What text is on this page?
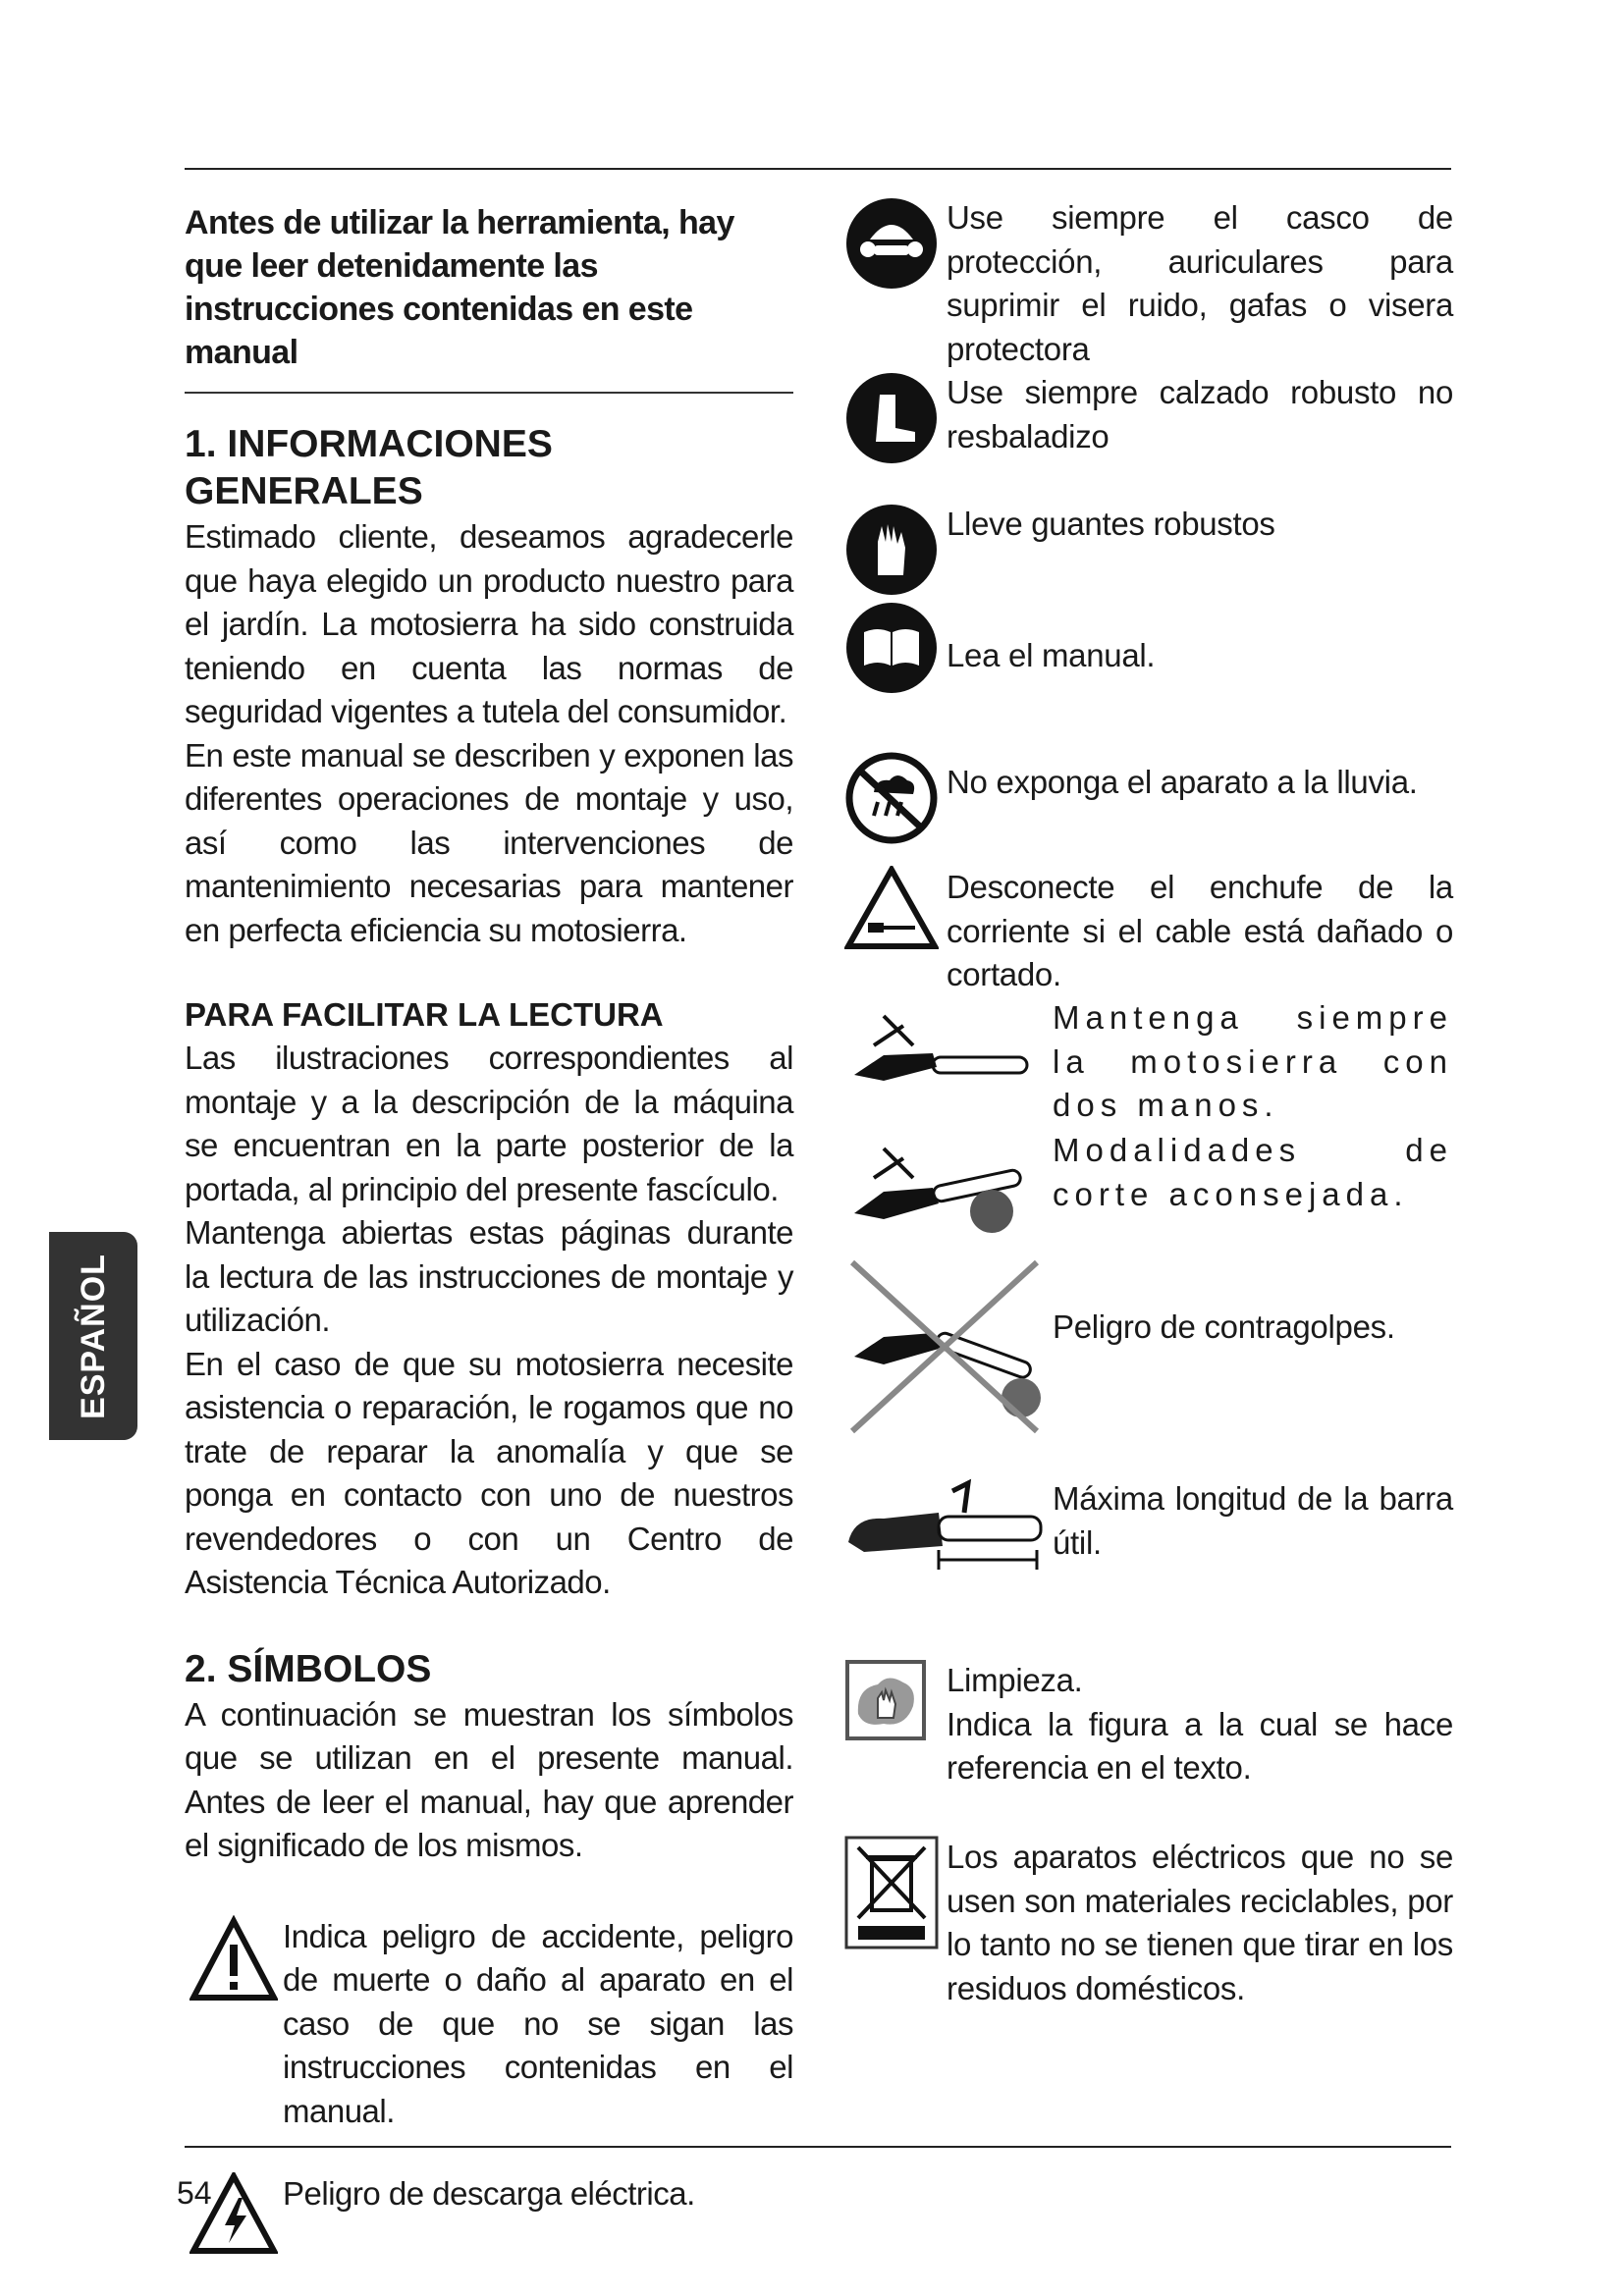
Antes de utilizar la herramienta, hay que leer detenidamente las instrucciones contenidas en este manual
1. INFORMACIONES GENERALES

Estimado cliente, deseamos agradecerle que haya elegido un producto nuestro para el jardín. La motosierra ha sido construida teniendo en cuenta las normas de seguridad vigentes a tutela del consumidor.

En este manual se describen y exponen las diferentes operaciones de montaje y uso, así como las intervenciones de mantenimiento necesarias para mantener en perfecta eficiencia su motosierra.

PARA FACILITAR LA LECTURA

Las ilustraciones correspondientes al montaje y a la descripción de la máquina se encuentran en la parte posterior de la portada, al principio del presente fascículo.

Mantenga abiertas estas páginas durante la lectura de las instrucciones de montaje y utilización.

En el caso de que su motosierra necesite asistencia o reparación, le rogamos que no trate de reparar la anomalía y que se ponga en contacto con uno de nuestros revendedores o con un Centro de Asistencia Técnica Autorizado.

2. SÍMBOLOS

A continuación se muestran los símbolos que se utilizan en el presente manual. Antes de leer el manual, hay que aprender el significado de los mismos.

Indica peligro de accidente, peligro de muerte o daño al aparato en el caso de que no se sigan las instrucciones contenidas en el manual.
Peligro de descarga eléctrica.
Use siempre el casco de protección, auriculares para suprimir el ruido, gafas o visera protectora
Use siempre calzado robusto no resbaladizo
Lleve guantes robustos
Lea el manual.
No exponga el aparato a la lluvia.
Desconecte el enchufe de la corriente si el cable está dañado o cortado.
Mantenga siempre la motosierra con dos manos.
Modalidades de corte aconsejada.
Peligro de contragolpes.
Máxima longitud de la barra útil.
Limpieza.
Indica la figura a la cual se hace referencia en el texto.
Los aparatos eléctricos que no se usen son materiales reciclables, por lo tanto no se tienen que tirar en los residuos domésticos.
ESPAÑOL
54
